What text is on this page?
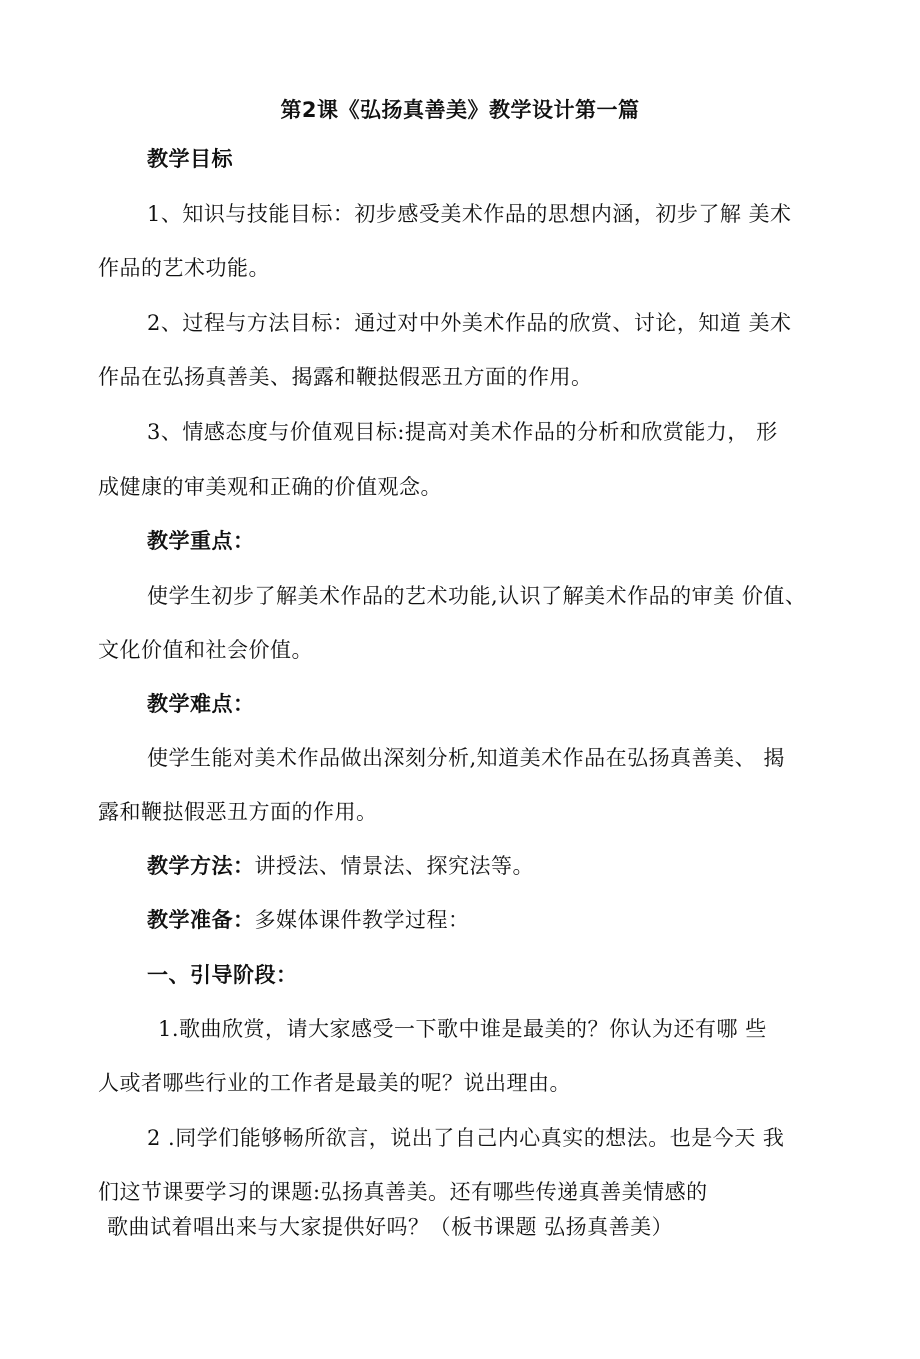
第2课《弘扬真善美》教学设计第一篇
教学目标
1、知识与技能目标：初步感受美术作品的思想内涵，初步了解 美术
作品的艺术功能。
2、过程与方法目标：通过对中外美术作品的欣赏、讨论，知道 美术
作品在弘扬真善美、揭露和鞭挞假恶丑方面的作用。
3、情感态度与价值观目标:提高对美术作品的分析和欣赏能力， 形
成健康的审美观和正确的价值观念。
教学重点：
使学生初步了解美术作品的艺术功能,认识了解美术作品的审美 价值、
文化价值和社会价值。
教学难点：
使学生能对美术作品做出深刻分析,知道美术作品在弘扬真善美、 揭
露和鞭挞假恶丑方面的作用。
教学方法：讲授法、情景法、探究法等。
教学准备：多媒体课件教学过程：
一、引导阶段：
1.歌曲欣赏，请大家感受一下歌中谁是最美的？你认为还有哪 些
人或者哪些行业的工作者是最美的呢？说出理由。
2 .同学们能够畅所欲言，说出了自己内心真实的想法。也是今天 我
们这节课要学习的课题:弘扬真善美。还有哪些传递真善美情感的
歌曲试着唱出来与大家提供好吗？（板书课题 弘扬真善美）
